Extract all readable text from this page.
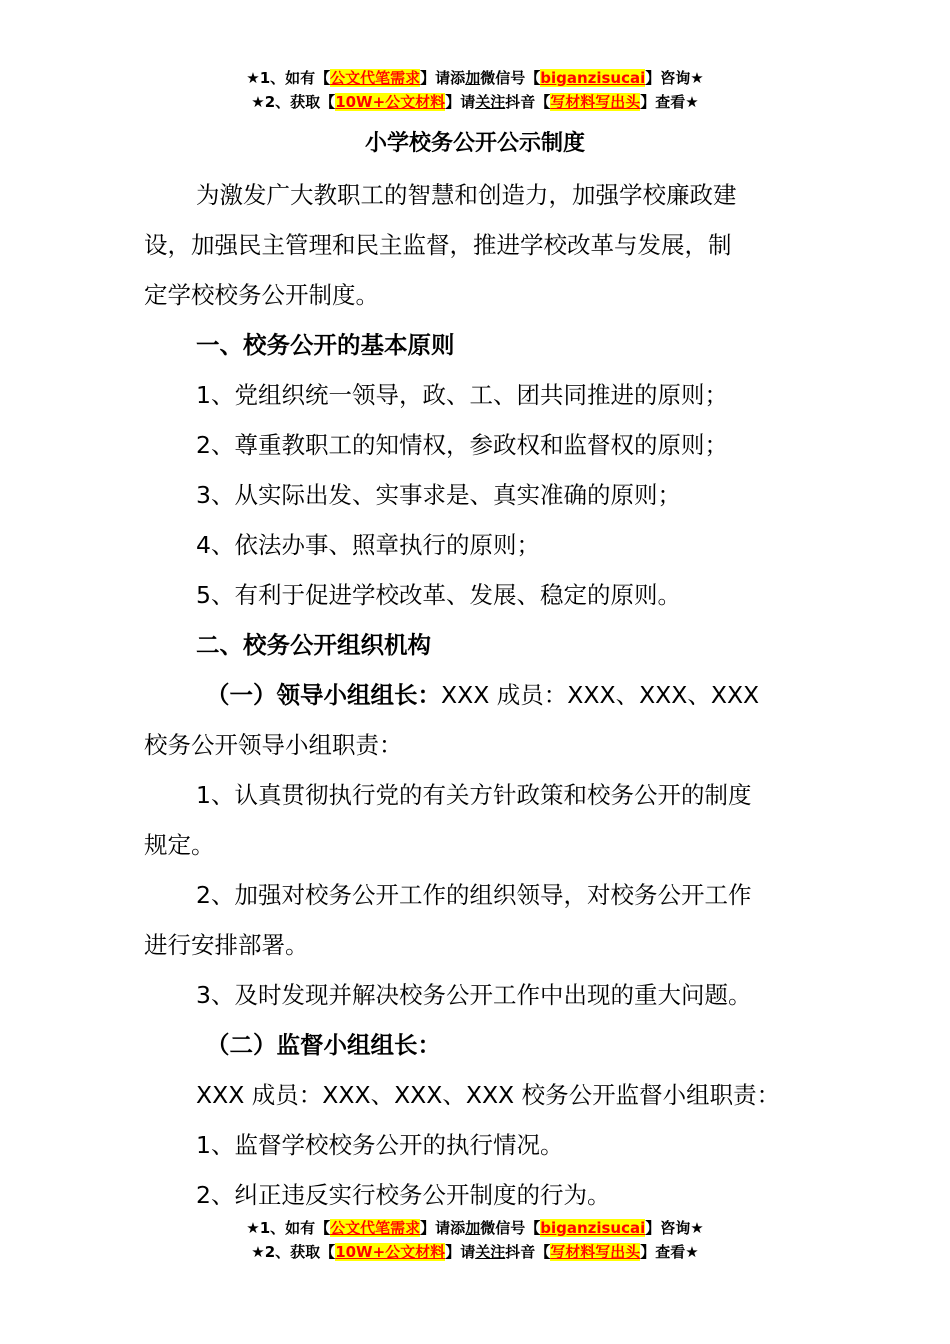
★1、如有【公文代笔需求】请添加微信号【biganzisucai】咨询★
★2、获取【10W+公文材料】请关注抖音【写材料写出头】查看★
小学校务公开公示制度

为激发广大教职工的智慧和创造力，加强学校廉政建

设，加强民主管理和民主监督，推进学校改革与发展，制

定学校校务公开制度。

一、校务公开的基本原则

1、党组织统一领导，政、工、团共同推进的原则；

2、尊重教职工的知情权，参政权和监督权的原则；

3、从实际出发、实事求是、真实准确的原则；

4、依法办事、照章执行的原则；

5、有利于促进学校改革、发展、稳定的原则。

二、校务公开组织机构

（一）领导小组组长：XXX 成员：XXX、XXX、XXX

校务公开领导小组职责：

1、认真贯彻执行党的有关方针政策和校务公开的制度

规定。

2、加强对校务公开工作的组织领导，对校务公开工作

进行安排部署。

3、及时发现并解决校务公开工作中出现的重大问题。

（二）监督小组组长：

XXX 成员：XXX、XXX、XXX 校务公开监督小组职责：

1、监督学校校务公开的执行情况。

2、纠正违反实行校务公开制度的行为。

★1、如有【公文代笔需求】请添加微信号【biganzisucai】咨询★
★2、获取【10W+公文材料】请关注抖音【写材料写出头】查看★
